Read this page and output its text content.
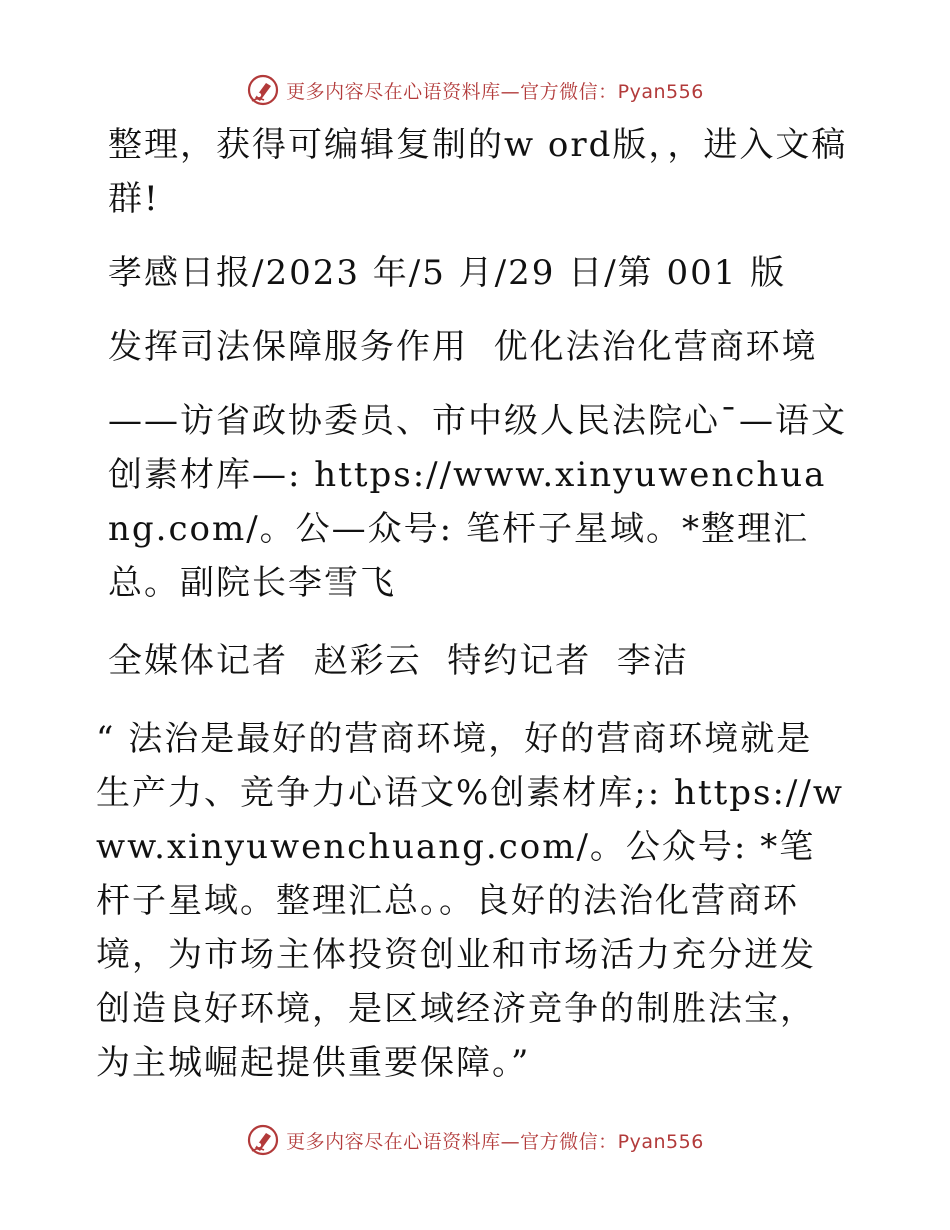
更多内容尽在心语资料库—官方微信：Pyan556

整理，获得可编辑复制的w ord版，，进入文稿群!

孝感日报/2023 年/5 月/29 日/第 001 版

发挥司法保障服务作用  优化法治化营商环境

——访省政协委员、市中级人民法院心¯—语文创素材库—: https://www.xinyuwenchuang.com/。公—众号: 笔杆子星域。*整理汇总。副院长李雪飞

全媒体记者  赵彩云  特约记者  李洁

“ 法治是最好的营商环境，好的营商环境就是生产力、竞争力心语文%创素材库;: https://www.xinyuwenchuang.com/。公众号: *笔杆子星域。整理汇总。。良好的法治化营商环境，为市场主体投资创业和市场活力充分迸发创造良好环境，是区域经济竞争的制胜法宝，为主城崛起提供重要保障。”

更多内容尽在心语资料库—官方微信：Pyan556
